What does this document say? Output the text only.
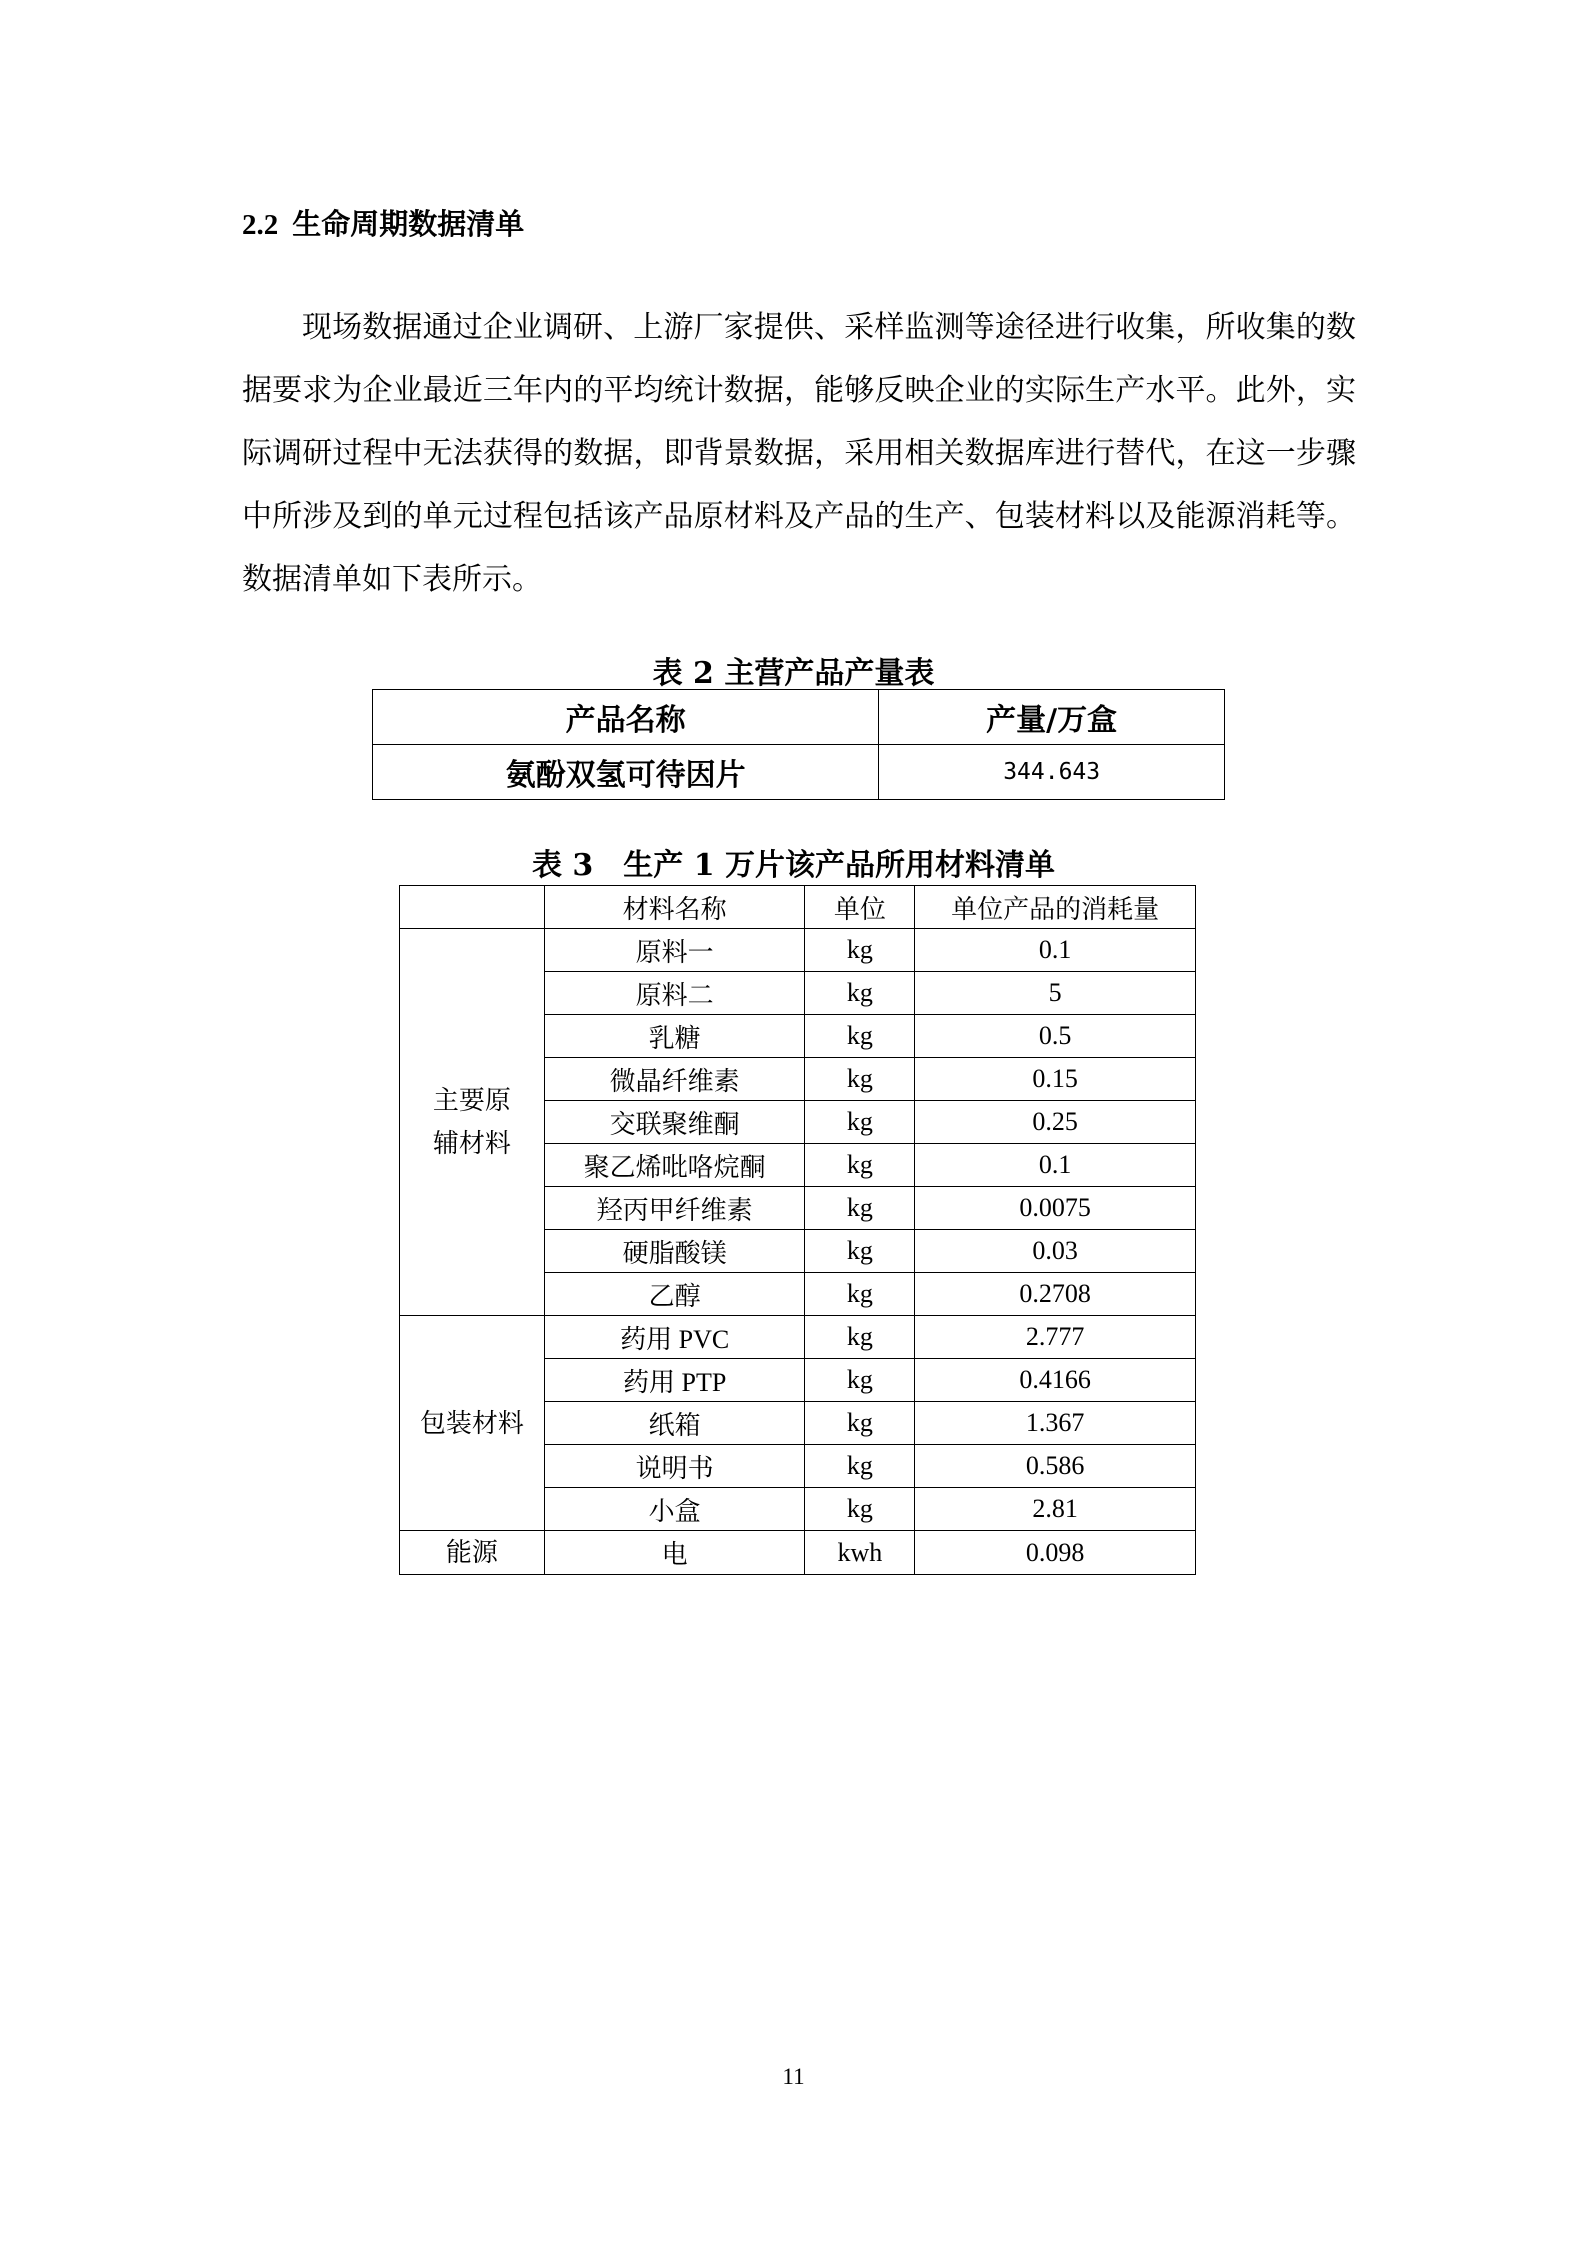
2.2 生命周期数据清单

现场数据通过企业调研、上游厂家提供、采样监测等途径进行收集，所收集的数据要求为企业最近三年内的平均统计数据，能够反映企业的实际生产水平。此外，实际调研过程中无法获得的数据，即背景数据，采用相关数据库进行替代，在这一步骤中所涉及到的单元过程包括该产品原材料及产品的生产、包装材料以及能源消耗等。数据清单如下表所示。

表 2 主营产品产量表
产品名称	产量/万盒
氨酚双氢可待因片	344.643
表 3　生产 1 万片该产品所用材料清单
	材料名称	单位	单位产品的消耗量
主要原辅材料	原料一	kg	0.1
	原料二	kg	5
	乳糖	kg	0.5
	微晶纤维素	kg	0.15
	交联聚维酮	kg	0.25
	聚乙烯吡咯烷酮	kg	0.1
	羟丙甲纤维素	kg	0.0075
	硬脂酸镁	kg	0.03
	乙醇	kg	0.2708
包装材料	药用 PVC	kg	2.777
	药用 PTP	kg	0.4166
	纸箱	kg	1.367
	说明书	kg	0.586
	小盒	kg	2.81
能源	电	kwh	0.098
11
